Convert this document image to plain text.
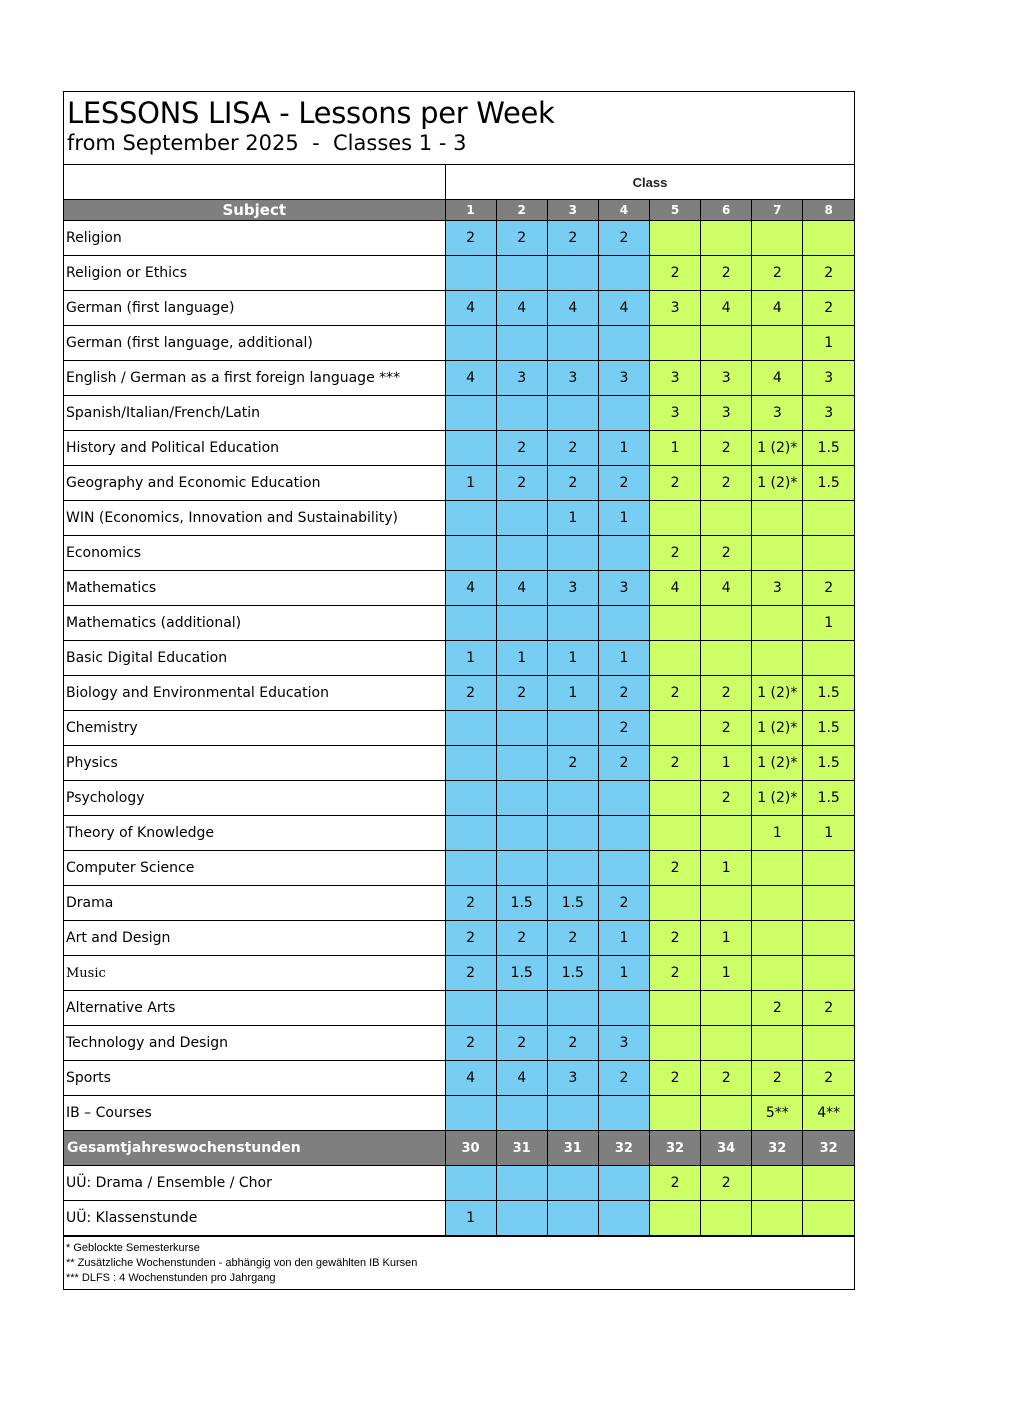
LESSONS LISA - Lessons per Week
from September 2025  -  Classes 1 - 3
Class
Subject	1	2	3	4	5	6	7	8
Religion	2	2	2	2				
Religion or Ethics					2	2	2	2
German (first language)	4	4	4	4	3	4	4	2
German (first language, additional)								1
English / German as a first foreign language ***	4	3	3	3	3	3	4	3
Spanish/Italian/French/Latin					3	3	3	3
History and Political Education		2	2	1	1	2	1 (2)*	1.5
Geography and Economic Education	1	2	2	2	2	2	1 (2)*	1.5
WIN (Economics, Innovation and Sustainability)			1	1				
Economics					2	2		
Mathematics	4	4	3	3	4	4	3	2
Mathematics (additional)								1
Basic Digital Education	1	1	1	1				
Biology and Environmental Education	2	2	1	2	2	2	1 (2)*	1.5
Chemistry				2		2	1 (2)*	1.5
Physics			2	2	2	1	1 (2)*	1.5
Psychology						2	1 (2)*	1.5
Theory of Knowledge							1	1
Computer Science					2	1		
Drama	2	1.5	1.5	2				
Art and Design	2	2	2	1	2	1		
Music	2	1.5	1.5	1	2	1		
Alternative Arts							2	2
Technology and Design	2	2	2	3				
Sports	4	4	3	2	2	2	2	2
IB – Courses							5**	4**
Gesamtjahreswochenstunden	30	31	31	32	32	34	32	32
UÜ: Drama / Ensemble / Chor					2	2		
UÜ: Klassenstunde	1							
* Geblockte Semesterkurse
** Zusätzliche Wochenstunden - abhängig von den gewählten IB Kursen
*** DLFS : 4 Wochenstunden pro Jahrgang
